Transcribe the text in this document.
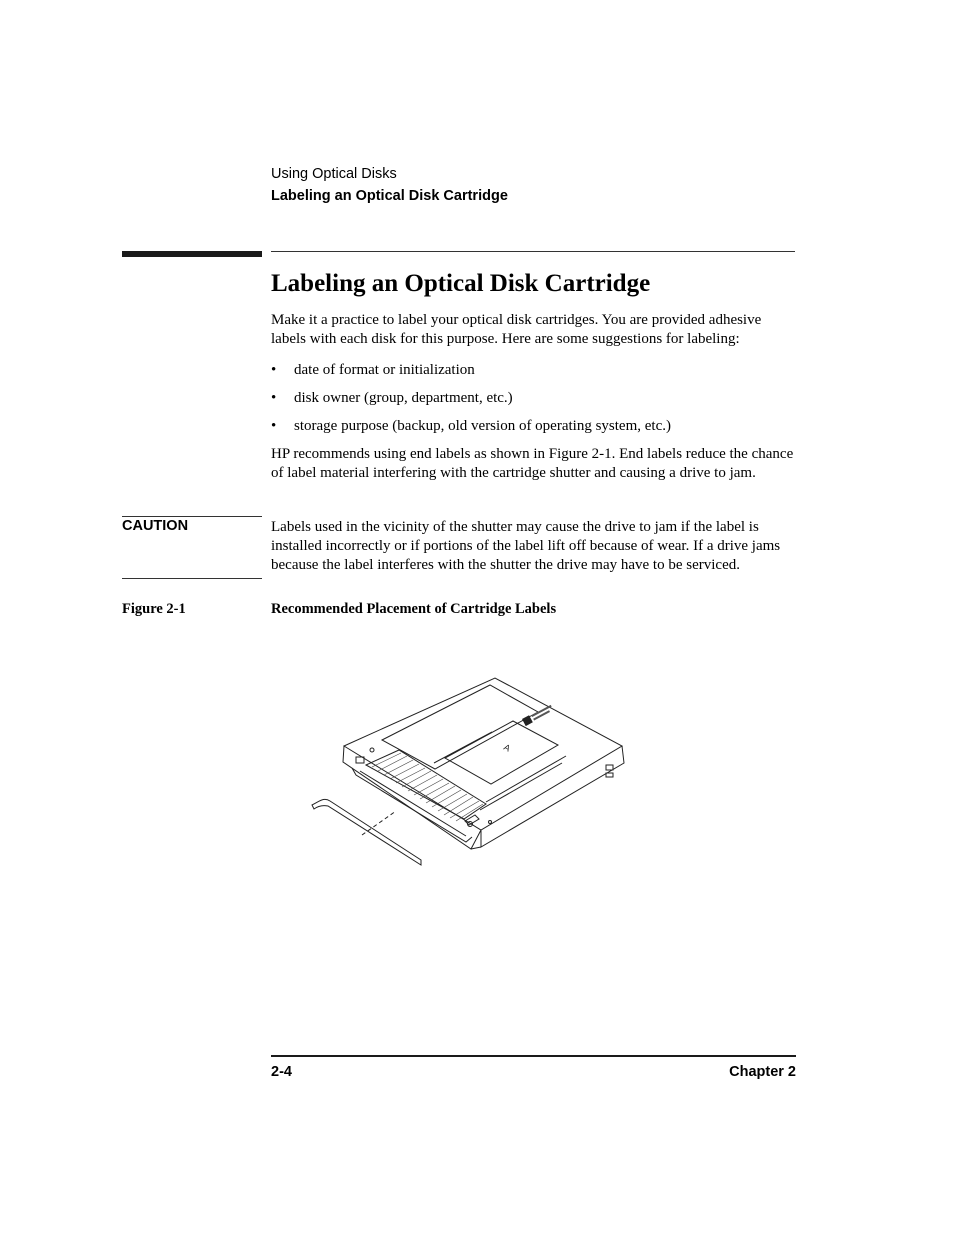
Using Optical Disks
Labeling an Optical Disk Cartridge
Labeling an Optical Disk Cartridge
Make it a practice to label your optical disk cartridges. You are provided adhesive labels with each disk for this purpose. Here are some suggestions for labeling:
• date of format or initialization
• disk owner (group, department, etc.)
• storage purpose (backup, old version of operating system, etc.)
HP recommends using end labels as shown in Figure 2-1. End labels reduce the chance of label material interfering with the cartridge shutter and causing a drive to jam.
CAUTION	Labels used in the vicinity of the shutter may cause the drive to jam if the label is installed incorrectly or if portions of the label lift off because of wear. If a drive jams because the label interferes with the shutter the drive may have to be serviced.
Figure 2-1	Recommended Placement of Cartridge Labels
A
2-4	Chapter 2
